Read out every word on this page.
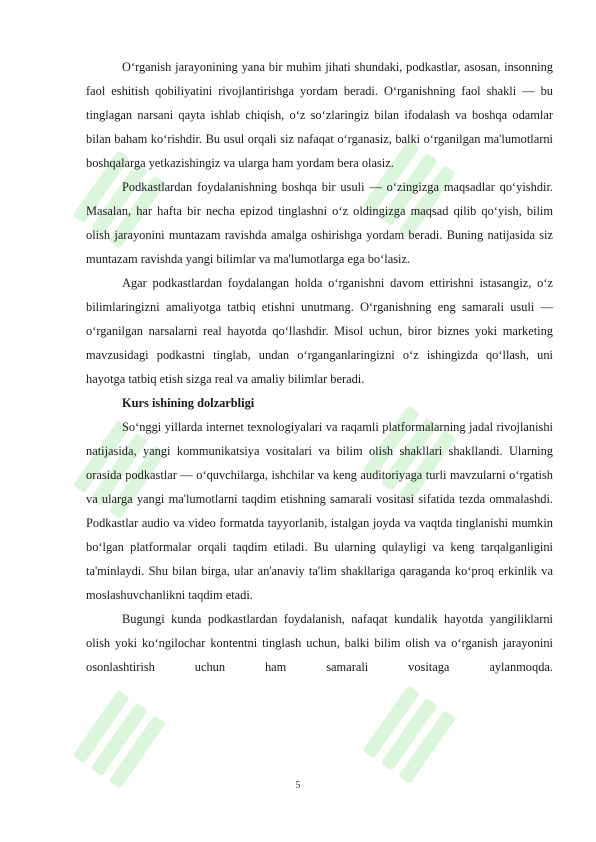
O‘rganish jarayonining yana bir muhim jihati shundaki, podkastlar, asosan, insonning faol eshitish qobiliyatini rivojlantirishga yordam beradi. O‘rganishning faol shakli — bu tinglagan narsani qayta ishlab chiqish, o‘z so‘zlaringiz bilan ifodalash va boshqa odamlar bilan baham ko‘rishdir. Bu usul orqali siz nafaqat o‘rganasiz, balki o‘rganilgan ma'lumotlarni boshqalarga yetkazishingiz va ularga ham yordam bera olasiz.

Podkastlardan foydalanishning boshqa bir usuli — o‘zingizga maqsadlar qo‘yishdir. Masalan, har hafta bir necha epizod tinglashni o‘z oldingizga maqsad qilib qo‘yish, bilim olish jarayonini muntazam ravishda amalga oshirishga yordam beradi. Buning natijasida siz muntazam ravishda yangi bilimlar va ma'lumotlarga ega bo‘lasiz.

Agar podkastlardan foydalangan holda o‘rganishni davom ettirishni istasangiz, o‘z bilimlaringizni amaliyotga tatbiq etishni unutmang. O‘rganishning eng samarali usuli — o‘rganilgan narsalarni real hayotda qo‘llashdir. Misol uchun, biror biznes yoki marketing mavzusidagi podkastni tinglab, undan o‘rganganlaringizni o‘z ishingizda qo‘llash, uni hayotga tatbiq etish sizga real va amaliy bilimlar beradi.

Kurs ishining dolzarbligi

So‘nggi yillarda internet texnologiyalari va raqamli platformalarning jadal rivojlanishi natijasida, yangi kommunikatsiya vositalari va bilim olish shakllari shakllandi. Ularning orasida podkastlar — o‘quvchilarga, ishchilar va keng auditoriyaga turli mavzularni o‘rgatish va ularga yangi ma'lumotlarni taqdim etishning samarali vositasi sifatida tezda ommalashdi. Podkastlar audio va video formatda tayyorlanib, istalgan joyda va vaqtda tinglanishi mumkin bo‘lgan platformalar orqali taqdim etiladi. Bu ularning qulayligi va keng tarqalganligini ta'minlaydi. Shu bilan birga, ular an'anaviy ta'lim shakllariga qaraganda ko‘proq erkinlik va moslashuvchanlikni taqdim etadi.

Bugungi kunda podkastlardan foydalanish, nafaqat kundalik hayotda yangiliklarni olish yoki ko‘ngilochar kontentni tinglash uchun, balki bilim olish va o‘rganish jarayonini osonlashtirish uchun ham samarali vositaga aylanmoqda.

5
